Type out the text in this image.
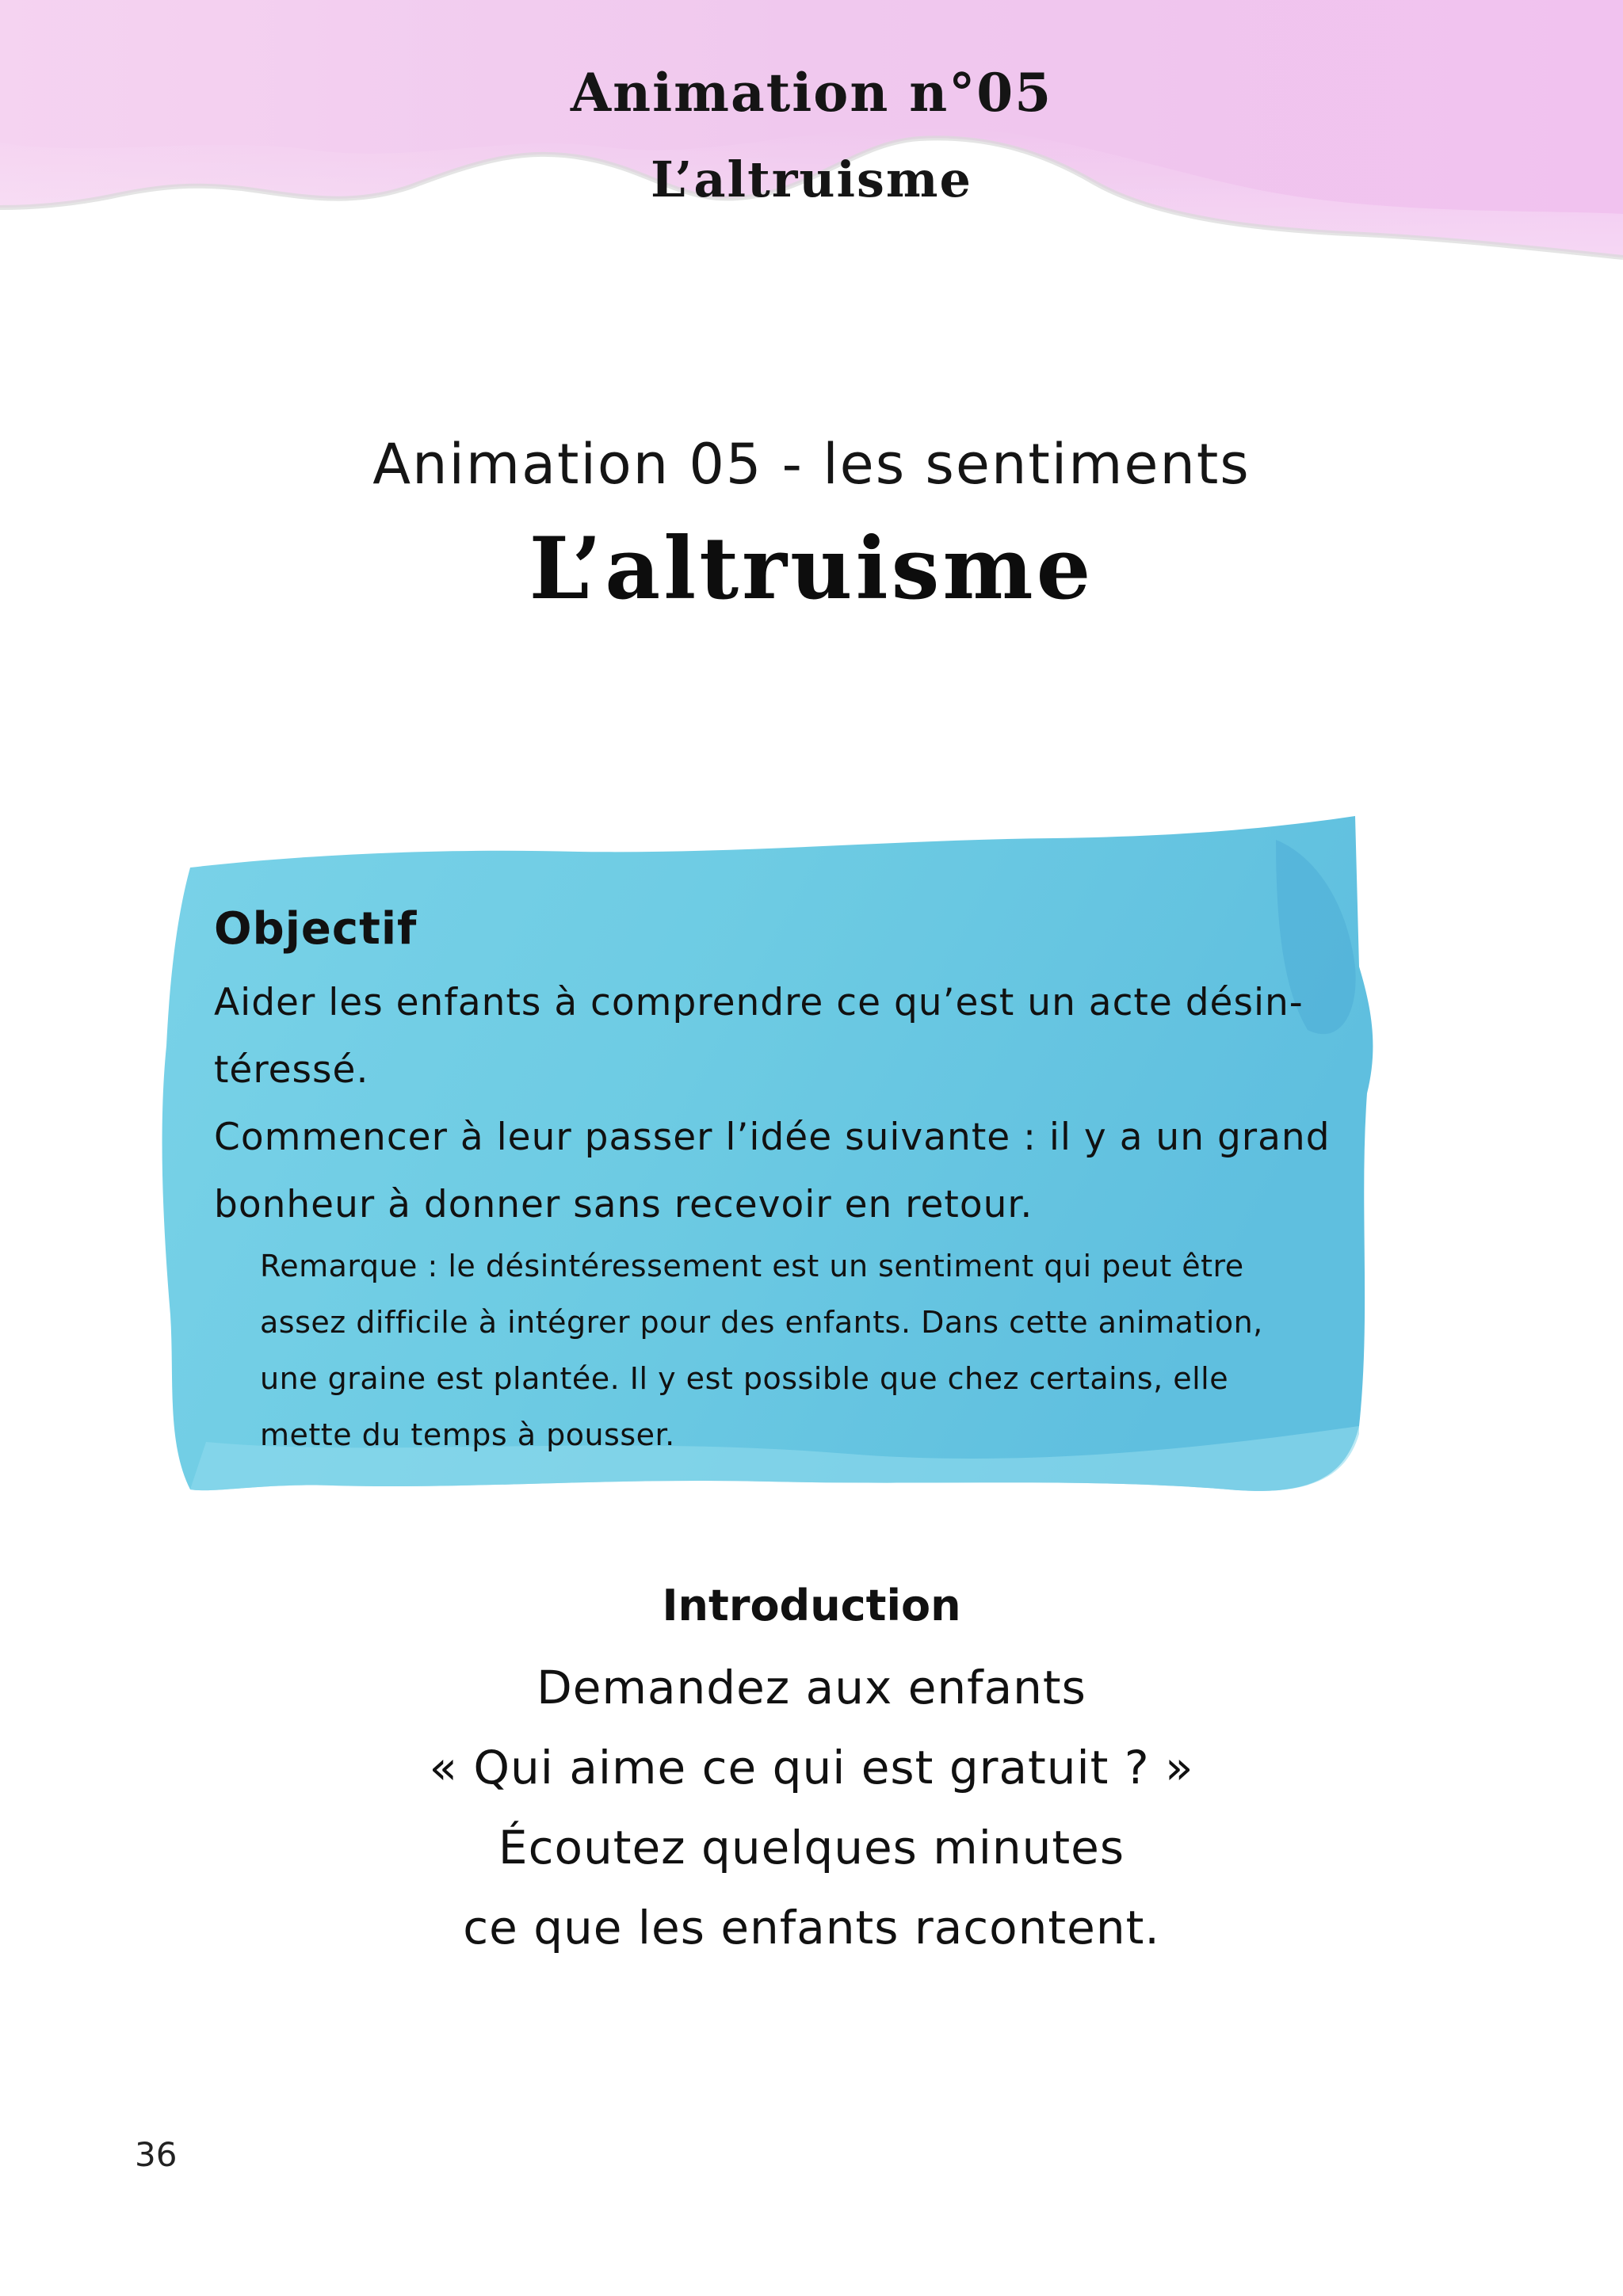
Animation n°05
L’altruisme
Animation 05 - les sentiments
L’altruisme

Objectif

Aider les enfants à comprendre ce qu’est un acte désin-

téressé.

Commencer à leur passer l’idée suivante : il y a un grand

bonheur à donner sans recevoir en retour.

Remarque : le désintéressement est un sentiment qui peut être

assez difficile à intégrer pour des enfants. Dans cette animation,

une graine est plantée. Il y est possible que chez certains, elle

mette du temps à pousser.

Introduction

Demandez aux enfants

« Qui aime ce qui est gratuit ? »

Écoutez quelques minutes

ce que les enfants racontent.

36
